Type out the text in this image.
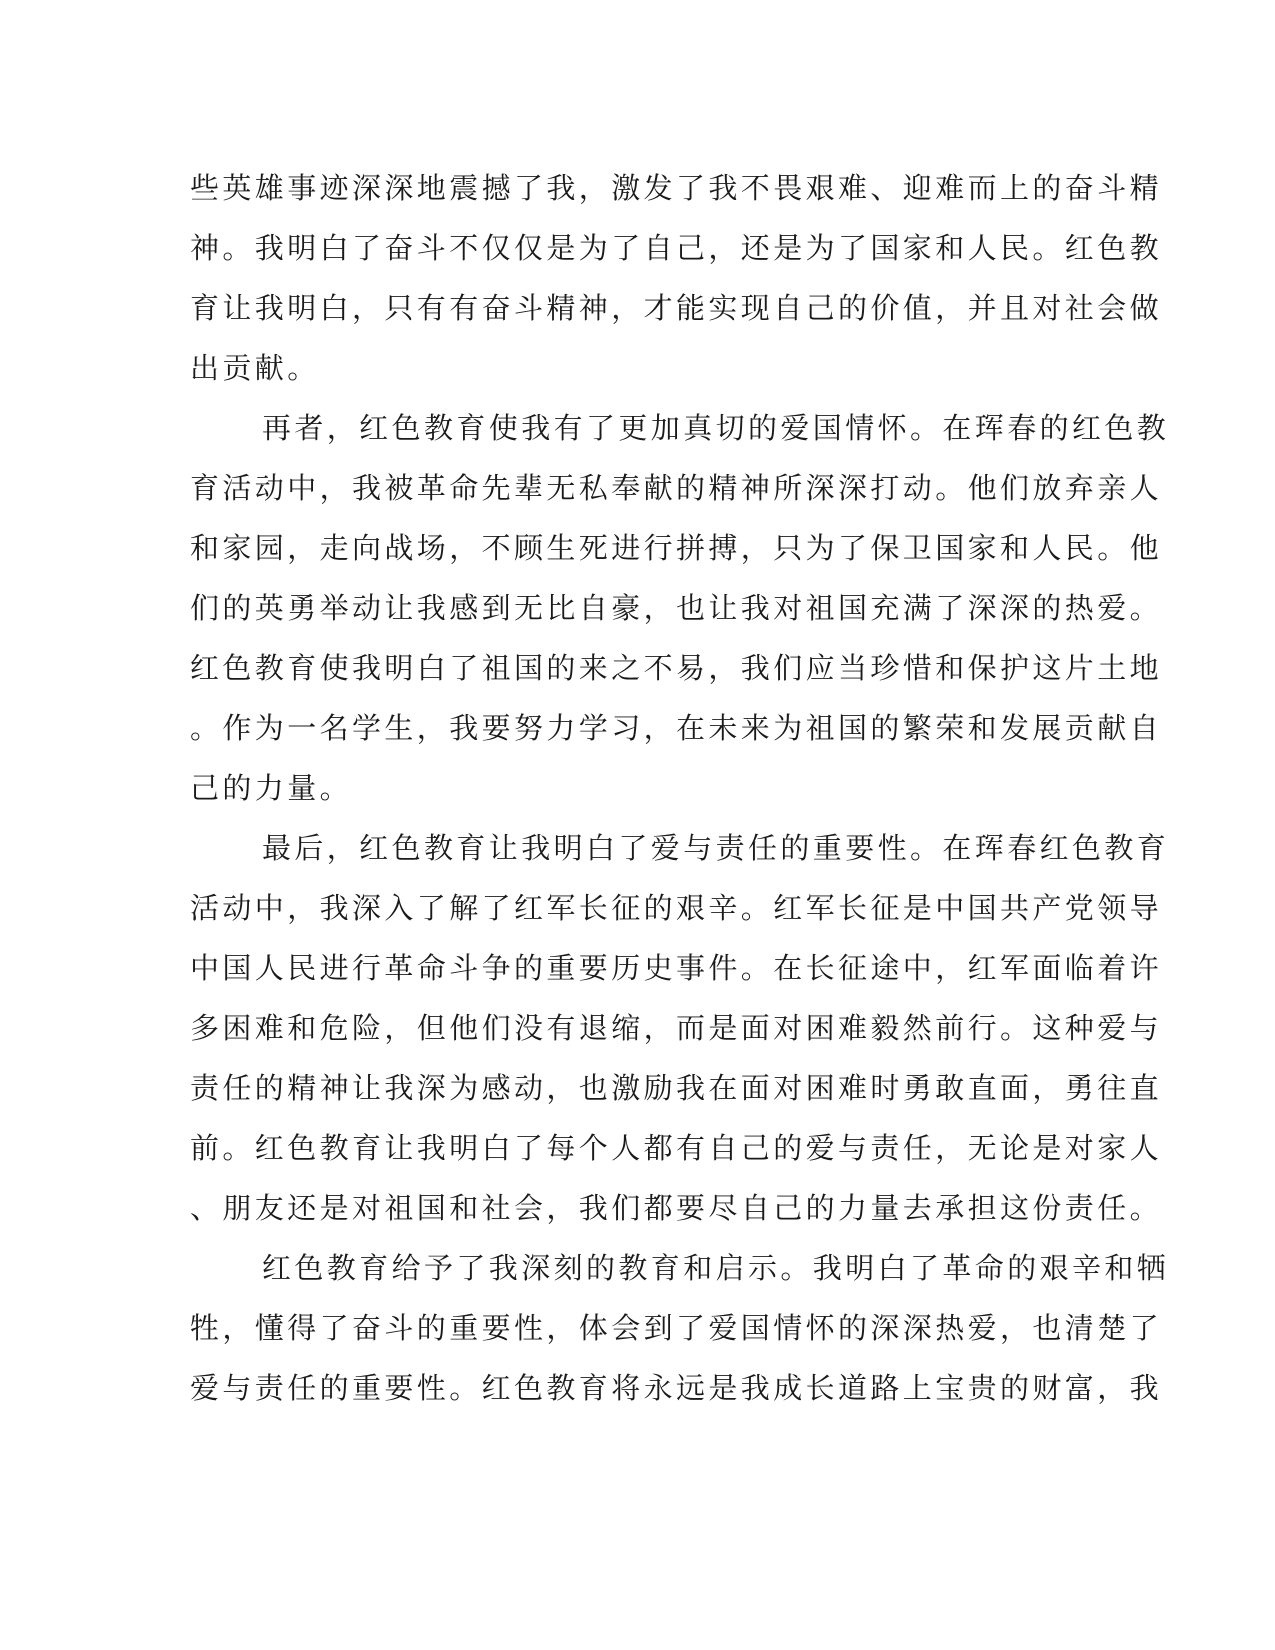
些英雄事迹深深地震撼了我，激发了我不畏艰难、迎难而上的奋斗精
神。我明白了奋斗不仅仅是为了自己，还是为了国家和人民。红色教
育让我明白，只有有奋斗精神，才能实现自己的价值，并且对社会做
出贡献。
再者，红色教育使我有了更加真切的爱国情怀。在珲春的红色教
育活动中，我被革命先辈无私奉献的精神所深深打动。他们放弃亲人
和家园，走向战场，不顾生死进行拼搏，只为了保卫国家和人民。他
们的英勇举动让我感到无比自豪，也让我对祖国充满了深深的热爱。
红色教育使我明白了祖国的来之不易，我们应当珍惜和保护这片土地
。作为一名学生，我要努力学习，在未来为祖国的繁荣和发展贡献自
己的力量。
最后，红色教育让我明白了爱与责任的重要性。在珲春红色教育
活动中，我深入了解了红军长征的艰辛。红军长征是中国共产党领导
中国人民进行革命斗争的重要历史事件。在长征途中，红军面临着许
多困难和危险，但他们没有退缩，而是面对困难毅然前行。这种爱与
责任的精神让我深为感动，也激励我在面对困难时勇敢直面，勇往直
前。红色教育让我明白了每个人都有自己的爱与责任，无论是对家人
、朋友还是对祖国和社会，我们都要尽自己的力量去承担这份责任。
红色教育给予了我深刻的教育和启示。我明白了革命的艰辛和牺
牲，懂得了奋斗的重要性，体会到了爱国情怀的深深热爱，也清楚了
爱与责任的重要性。红色教育将永远是我成长道路上宝贵的财富，我
